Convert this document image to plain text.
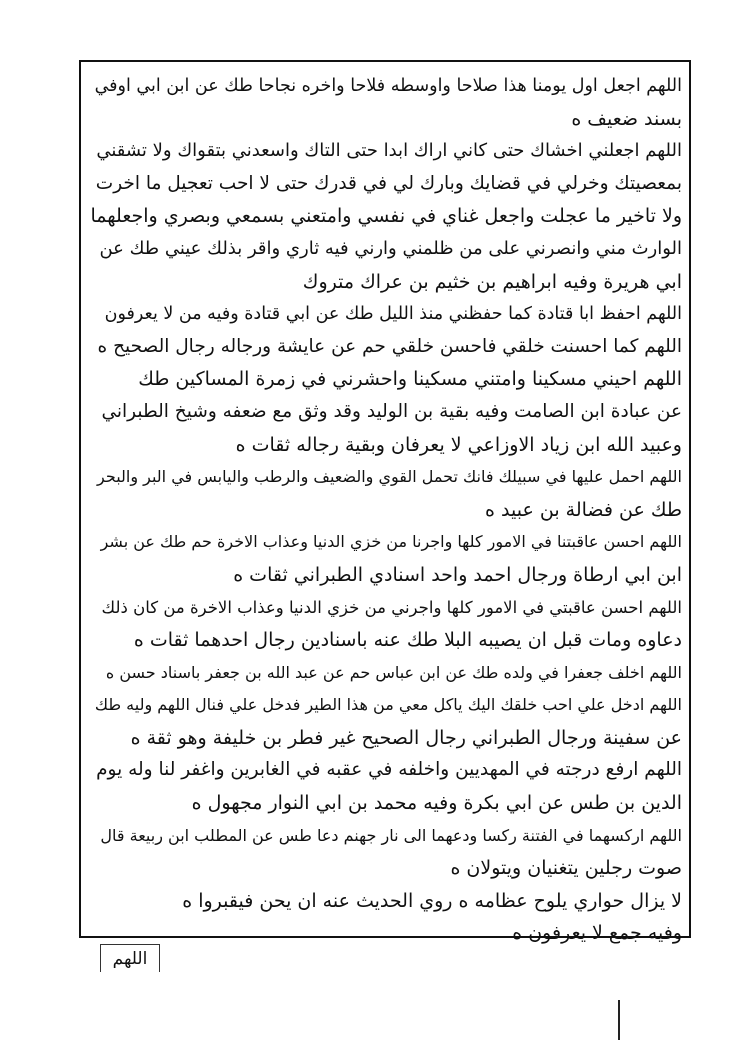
اللهم اجعل اول يومنا هذا صلاحا واوسطه فلاحا واخره نجاحا طك عن ابن ابي اوفي
بسند ضعيف ه
اللهم اجعلني اخشاك حتى كاني اراك ابدا حتى التاك واسعدني بتقواك ولا تشقني
بمعصيتك وخرلي في قضايك وبارك لي في قدرك حتى لا احب تعجيل ما اخرت
ولا تاخير ما عجلت واجعل غناي في نفسي وامتعني بسمعي وبصري واجعلهما
الوارث مني وانصرني على من ظلمني وارني فيه ثاري واقر بذلك عيني طك عن
ابي هريرة وفيه ابراهيم بن خثيم بن عراك متروك
اللهم احفظ ابا قتادة كما حفظني منذ الليل طك عن ابي قتادة وفيه من لا يعرفون
اللهم كما احسنت خلقي فاحسن خلقي حم عن عايشة ورجاله رجال الصحيح ه
اللهم احيني مسكينا وامتني مسكينا واحشرني في زمرة المساكين طك
عن عبادة ابن الصامت وفيه بقية بن الوليد وقد وثق مع ضعفه وشيخ الطبراني
وعبيد الله ابن زياد الاوزاعي لا يعرفان وبقية رجاله ثقات ه
اللهم احمل عليها في سبيلك فانك تحمل القوي والضعيف والرطب واليابس في البر والبحر
طك عن فضالة بن عبيد ه
اللهم احسن عاقبتنا في الامور كلها واجرنا من خزي الدنيا وعذاب الاخرة حم طك عن بشر
ابن ابي ارطاة ورجال احمد واحد اسنادي الطبراني ثقات ه
اللهم احسن عاقبتي في الامور كلها واجرني من خزي الدنيا وعذاب الاخرة من كان ذلك
دعاوه ومات قبل ان يصيبه البلا طك عنه باسنادين رجال احدهما ثقات ه
اللهم اخلف جعفرا في ولده طك عن ابن عباس حم عن عبد الله بن جعفر باسناد حسن ه
اللهم ادخل علي احب خلقك اليك ياكل معي من هذا الطير فدخل علي فنال اللهم وليه طك
عن سفينة ورجال الطبراني رجال الصحيح غير فطر بن خليفة وهو ثقة ه
اللهم ارفع درجته في المهديين واخلفه في عقبه في الغابرين واغفر لنا وله يوم
الدين بن طس عن ابي بكرة وفيه محمد بن ابي النوار مجهول ه
اللهم اركسهما في الفتنة ركسا ودعهما الى نار جهنم دعا طس عن المطلب ابن ربيعة قال
صوت رجلين يتغنيان ويتولان ه
لا يزال حواري يلوح عظامه ه روي الحديث عنه ان يحن فيقبروا ه
وفيه جمع لا يعرفون ه
اللهم
